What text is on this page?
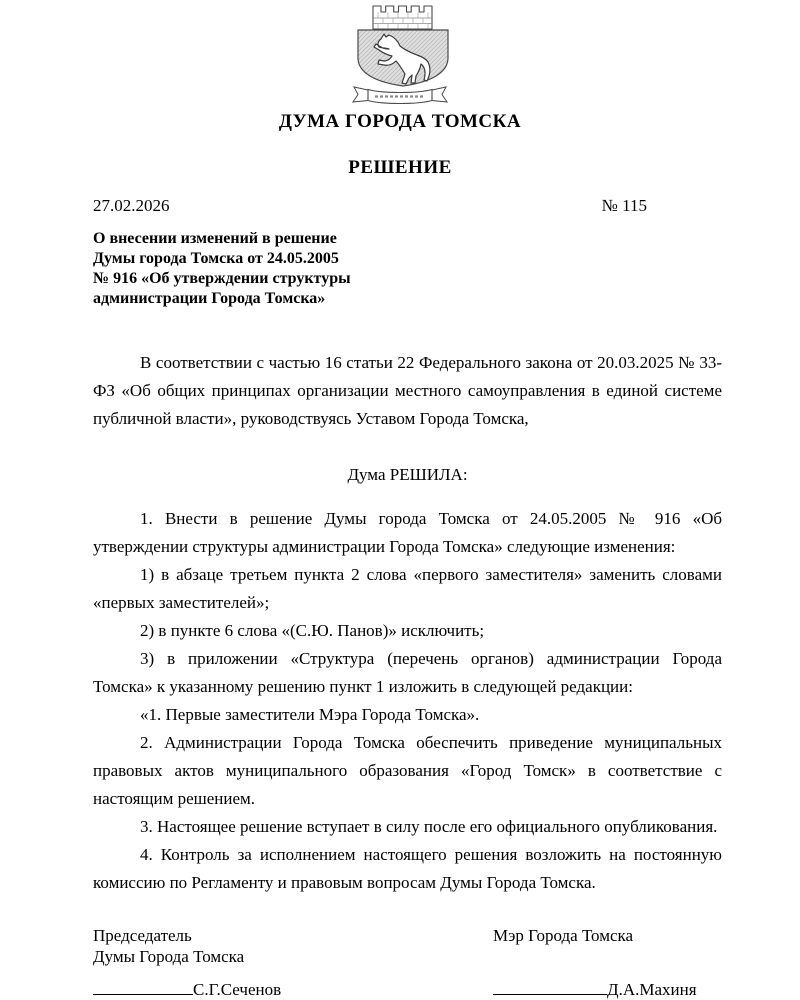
ДУМА ГОРОДА ТОМСКА
РЕШЕНИЕ
27.02.2026	№ 115
О внесении изменений в решение
Думы города Томска от 24.05.2005
№ 916 «Об утверждении структуры
администрации Города Томска»

В соответствии с частью 16 статьи 22 Федерального закона от 20.03.2025 № 33-ФЗ «Об общих принципах организации местного самоуправления в единой системе публичной власти», руководствуясь Уставом Города Томска,

Дума РЕШИЛА:

1. Внести в решение Думы города Томска от 24.05.2005 № 916 «Об утверждении структуры администрации Города Томска» следующие изменения:

1) в абзаце третьем пункта 2 слова «первого заместителя» заменить словами «первых заместителей»;

2) в пункте 6 слова «(С.Ю. Панов)» исключить;

3) в приложении «Структура (перечень органов) администрации Города Томска» к указанному решению пункт 1 изложить в следующей редакции:

«1. Первые заместители Мэра Города Томска».

2. Администрации Города Томска обеспечить приведение муниципальных правовых актов муниципального образования «Город Томск» в соответствие с настоящим решением.

3. Настоящее решение вступает в силу после его официального опубликования.

4. Контроль за исполнением настоящего решения возложить на постоянную комиссию по Регламенту и правовым вопросам Думы Города Томска.

Председатель
Думы Города Томска
Мэр Города Томска
С.Г.Сеченов	Д.А.Махиня
